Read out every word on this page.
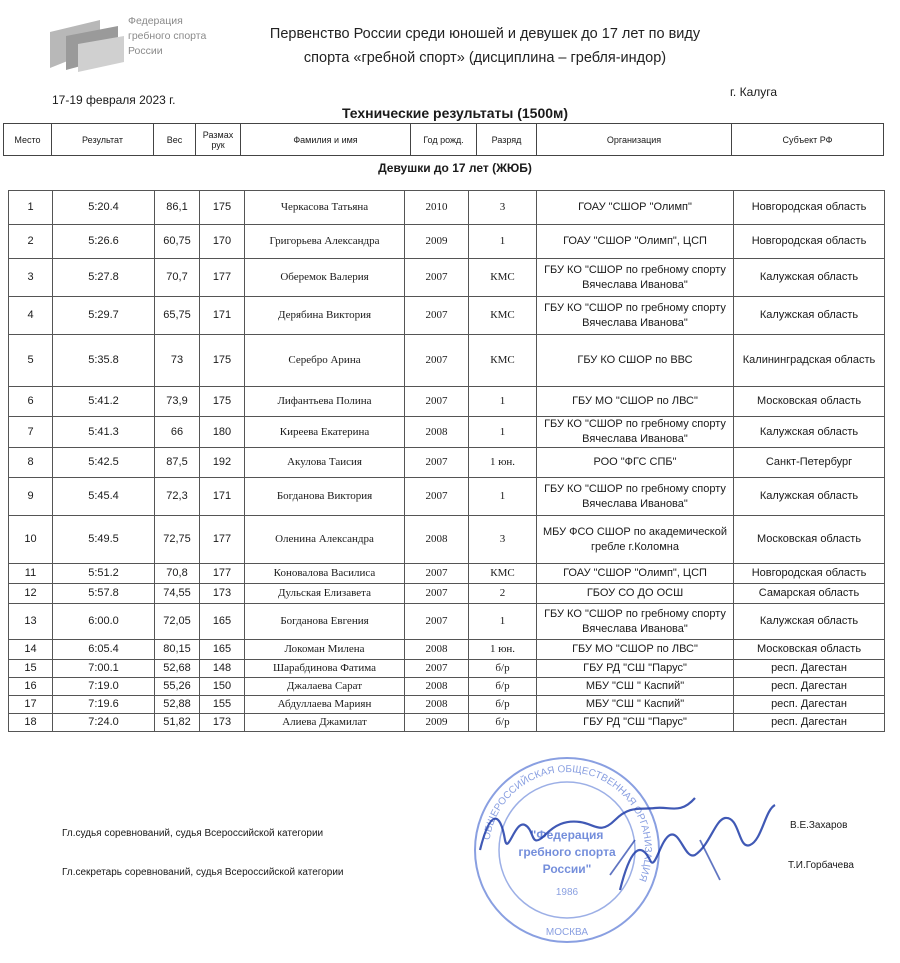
Федерация
гребного спорта
России
Первенство России среди юношей и девушек до 17 лет по виду
спорта «гребной спорт» (дисциплина – гребля-индор)
17-19 февраля 2023 г.
г. Калуга
Технические результаты (1500м)
Место	Результат	Вес	Размах рук	Фамилия и имя	Год рожд.	Разряд	Организация	Субъект РФ
Девушки до 17 лет (ЖЮБ)
1	5:20.4	86,1	175	Черкасова Татьяна	2010	3	ГОАУ "СШОР "Олимп"	Новгородская область
2	5:26.6	60,75	170	Григорьева Александра	2009	1	ГОАУ "СШОР "Олимп", ЦСП	Новгородская область
3	5:27.8	70,7	177	Оберемок Валерия	2007	КМС	ГБУ КО "СШОР по гребному спорту Вячеслава Иванова"	Калужская область
4	5:29.7	65,75	171	Дерябина Виктория	2007	КМС	ГБУ КО "СШОР по гребному спорту Вячеслава Иванова"	Калужская область
5	5:35.8	73	175	Серебро Арина	2007	КМС	ГБУ КО СШОР по ВВС	Калининградская область
6	5:41.2	73,9	175	Лифантьева Полина	2007	1	ГБУ МО "СШОР по ЛВС"	Московская область
7	5:41.3	66	180	Киреева Екатерина	2008	1	ГБУ КО "СШОР по гребному спорту Вячеслава Иванова"	Калужская область
8	5:42.5	87,5	192	Акулова Таисия	2007	1 юн.	РОО "ФГС СПБ"	Санкт-Петербург
9	5:45.4	72,3	171	Богданова Виктория	2007	1	ГБУ КО "СШОР по гребному спорту Вячеслава Иванова"	Калужская область
10	5:49.5	72,75	177	Оленина Александра	2008	3	МБУ ФСО СШОР по академической гребле г.Коломна	Московская область
11	5:51.2	70,8	177	Коновалова Василиса	2007	КМС	ГОАУ "СШОР "Олимп", ЦСП	Новгородская область
12	5:57.8	74,55	173	Дульская Елизавета	2007	2	ГБОУ СО ДО ОСШ	Самарская область
13	6:00.0	72,05	165	Богданова Евгения	2007	1	ГБУ КО "СШОР по гребному спорту Вячеслава Иванова"	Калужская область
14	6:05.4	80,15	165	Локоман Милена	2008	1 юн.	ГБУ МО "СШОР по ЛВС"	Московская область
15	7:00.1	52,68	148	Шарабдинова Фатима	2007	б/р	ГБУ РД "СШ "Парус"	респ. Дагестан
16	7:19.0	55,26	150	Джалаева Сарат	2008	б/р	МБУ "СШ " Каспий"	респ. Дагестан
17	7:19.6	52,88	155	Абдуллаева Мариян	2008	б/р	МБУ "СШ " Каспий"	респ. Дагестан
18	7:24.0	51,82	173	Алиева Джамилат	2009	б/р	ГБУ РД "СШ "Парус"	респ. Дагестан
Гл.судья соревнований, судья Всероссийской категории
В.Е.Захаров
Гл.секретарь соревнований, судья Всероссийской категории
Т.И.Горбачева
ОБЩЕРОССИЙСКАЯ ОБЩЕСТВЕННАЯ ОРГАНИЗАЦИЯ
"Федерация
гребного спорта
России"
1986
МОСКВА
